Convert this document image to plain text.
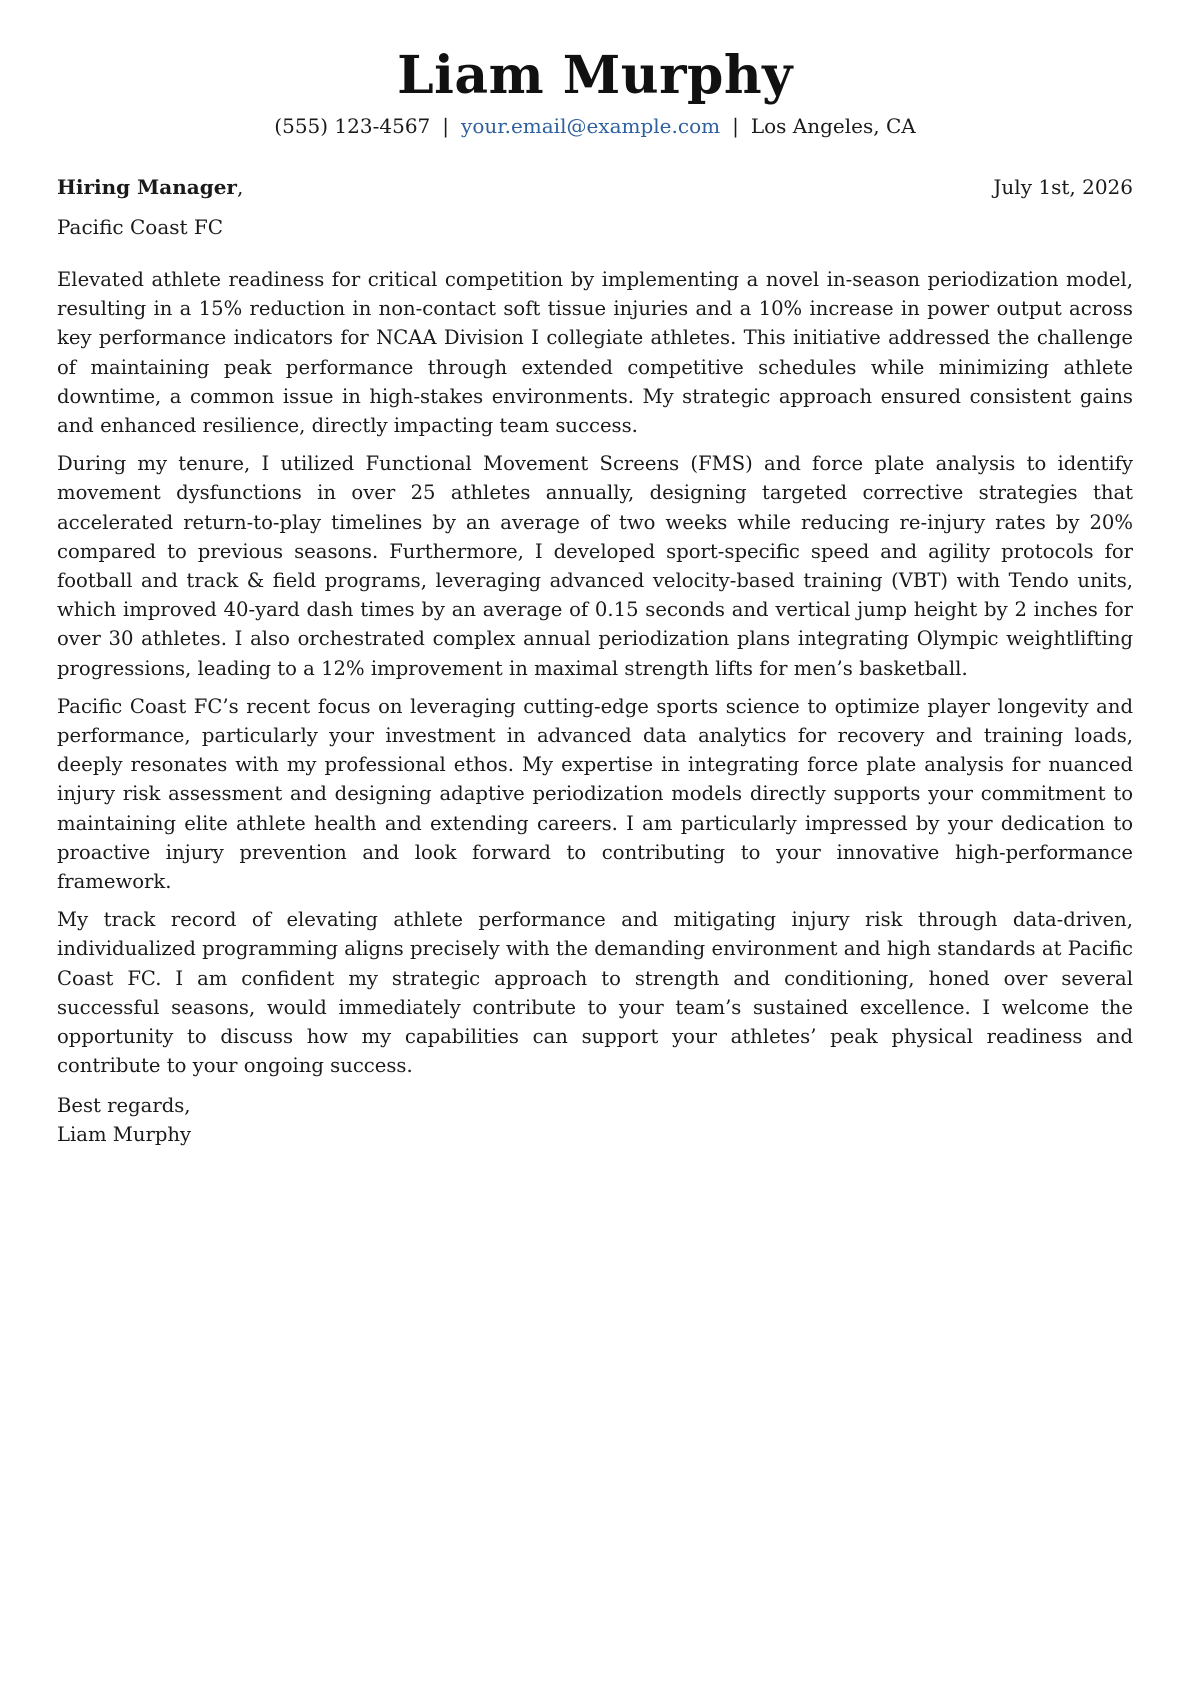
Liam Murphy
(555) 123-4567 | your.email@example.com | Los Angeles, CA
Hiring Manager,	July 1st, 2026
Pacific Coast FC

Elevated athlete readiness for critical competition by implementing a novel in-season periodization model, resulting in a 15% reduction in non-contact soft tissue injuries and a 10% increase in power output across key performance indicators for NCAA Division I collegiate athletes. This initiative addressed the challenge of maintaining peak performance through extended competitive schedules while minimizing athlete downtime, a common issue in high-stakes environments. My strategic approach ensured consistent gains and enhanced resilience, directly impacting team success.

During my tenure, I utilized Functional Movement Screens (FMS) and force plate analysis to identify movement dysfunctions in over 25 athletes annually, designing targeted corrective strategies that accelerated return-to-play timelines by an average of two weeks while reducing re-injury rates by 20% compared to previous seasons. Furthermore, I developed sport-specific speed and agility protocols for football and track & field programs, leveraging advanced velocity-based training (VBT) with Tendo units, which improved 40-yard dash times by an average of 0.15 seconds and vertical jump height by 2 inches for over 30 athletes. I also orchestrated complex annual periodization plans integrating Olympic weightlifting progressions, leading to a 12% improvement in maximal strength lifts for men’s basketball.

Pacific Coast FC’s recent focus on leveraging cutting-edge sports science to optimize player longevity and performance, particularly your investment in advanced data analytics for recovery and training loads, deeply resonates with my professional ethos. My expertise in integrating force plate analysis for nuanced injury risk assessment and designing adaptive periodization models directly supports your commitment to maintaining elite athlete health and extending careers. I am particularly impressed by your dedication to proactive injury prevention and look forward to contributing to your innovative high-performance framework.

My track record of elevating athlete performance and mitigating injury risk through data-driven, individualized programming aligns precisely with the demanding environment and high standards at Pacific Coast FC. I am confident my strategic approach to strength and conditioning, honed over several successful seasons, would immediately contribute to your team’s sustained excellence. I welcome the opportunity to discuss how my capabilities can support your athletes’ peak physical readiness and contribute to your ongoing success.

Best regards,
Liam Murphy
